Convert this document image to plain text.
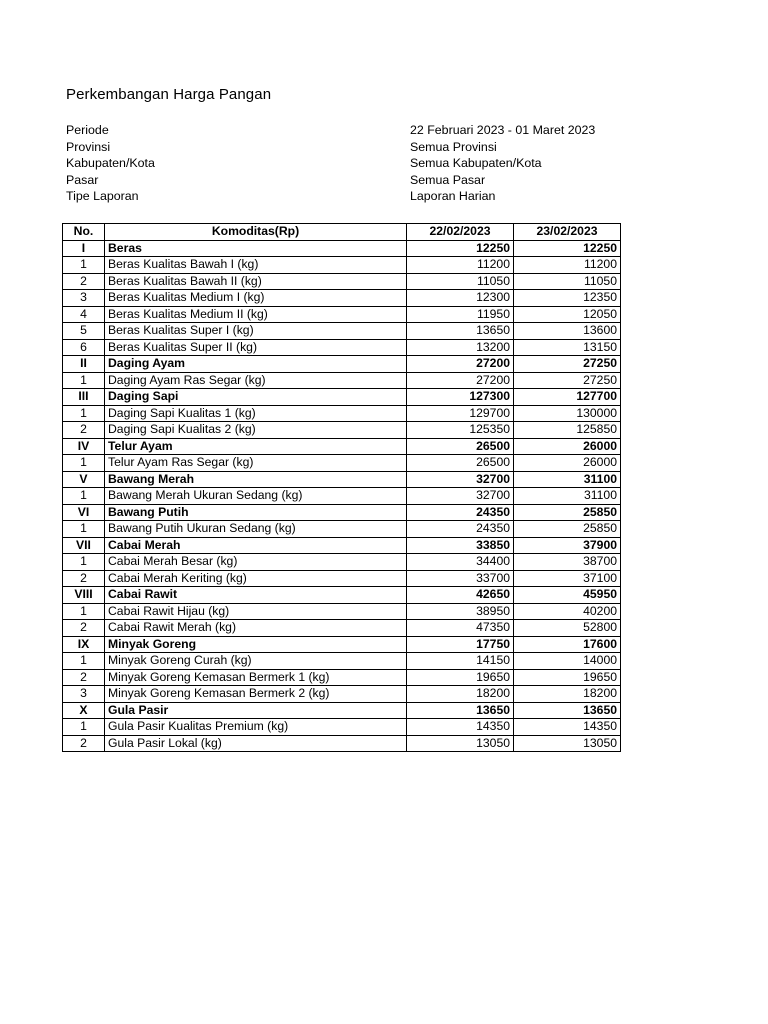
Perkembangan Harga Pangan
Periode	22 Februari 2023 - 01 Maret 2023
Provinsi	Semua Provinsi
Kabupaten/Kota	Semua Kabupaten/Kota
Pasar	Semua Pasar
Tipe Laporan	Laporan Harian
No.	Komoditas(Rp)	22/02/2023	23/02/2023
I	Beras	12250	12250
1	Beras Kualitas Bawah I (kg)	11200	11200
2	Beras Kualitas Bawah II (kg)	11050	11050
3	Beras Kualitas Medium I (kg)	12300	12350
4	Beras Kualitas Medium II (kg)	11950	12050
5	Beras Kualitas Super I (kg)	13650	13600
6	Beras Kualitas Super II (kg)	13200	13150
II	Daging Ayam	27200	27250
1	Daging Ayam Ras Segar (kg)	27200	27250
III	Daging Sapi	127300	127700
1	Daging Sapi Kualitas 1 (kg)	129700	130000
2	Daging Sapi Kualitas 2 (kg)	125350	125850
IV	Telur Ayam	26500	26000
1	Telur Ayam Ras Segar (kg)	26500	26000
V	Bawang Merah	32700	31100
1	Bawang Merah Ukuran Sedang (kg)	32700	31100
VI	Bawang Putih	24350	25850
1	Bawang Putih Ukuran Sedang (kg)	24350	25850
VII	Cabai Merah	33850	37900
1	Cabai Merah Besar (kg)	34400	38700
2	Cabai Merah Keriting (kg)	33700	37100
VIII	Cabai Rawit	42650	45950
1	Cabai Rawit Hijau (kg)	38950	40200
2	Cabai Rawit Merah (kg)	47350	52800
IX	Minyak Goreng	17750	17600
1	Minyak Goreng Curah (kg)	14150	14000
2	Minyak Goreng Kemasan Bermerk 1 (kg)	19650	19650
3	Minyak Goreng Kemasan Bermerk 2 (kg)	18200	18200
X	Gula Pasir	13650	13650
1	Gula Pasir Kualitas Premium (kg)	14350	14350
2	Gula Pasir Lokal (kg)	13050	13050
